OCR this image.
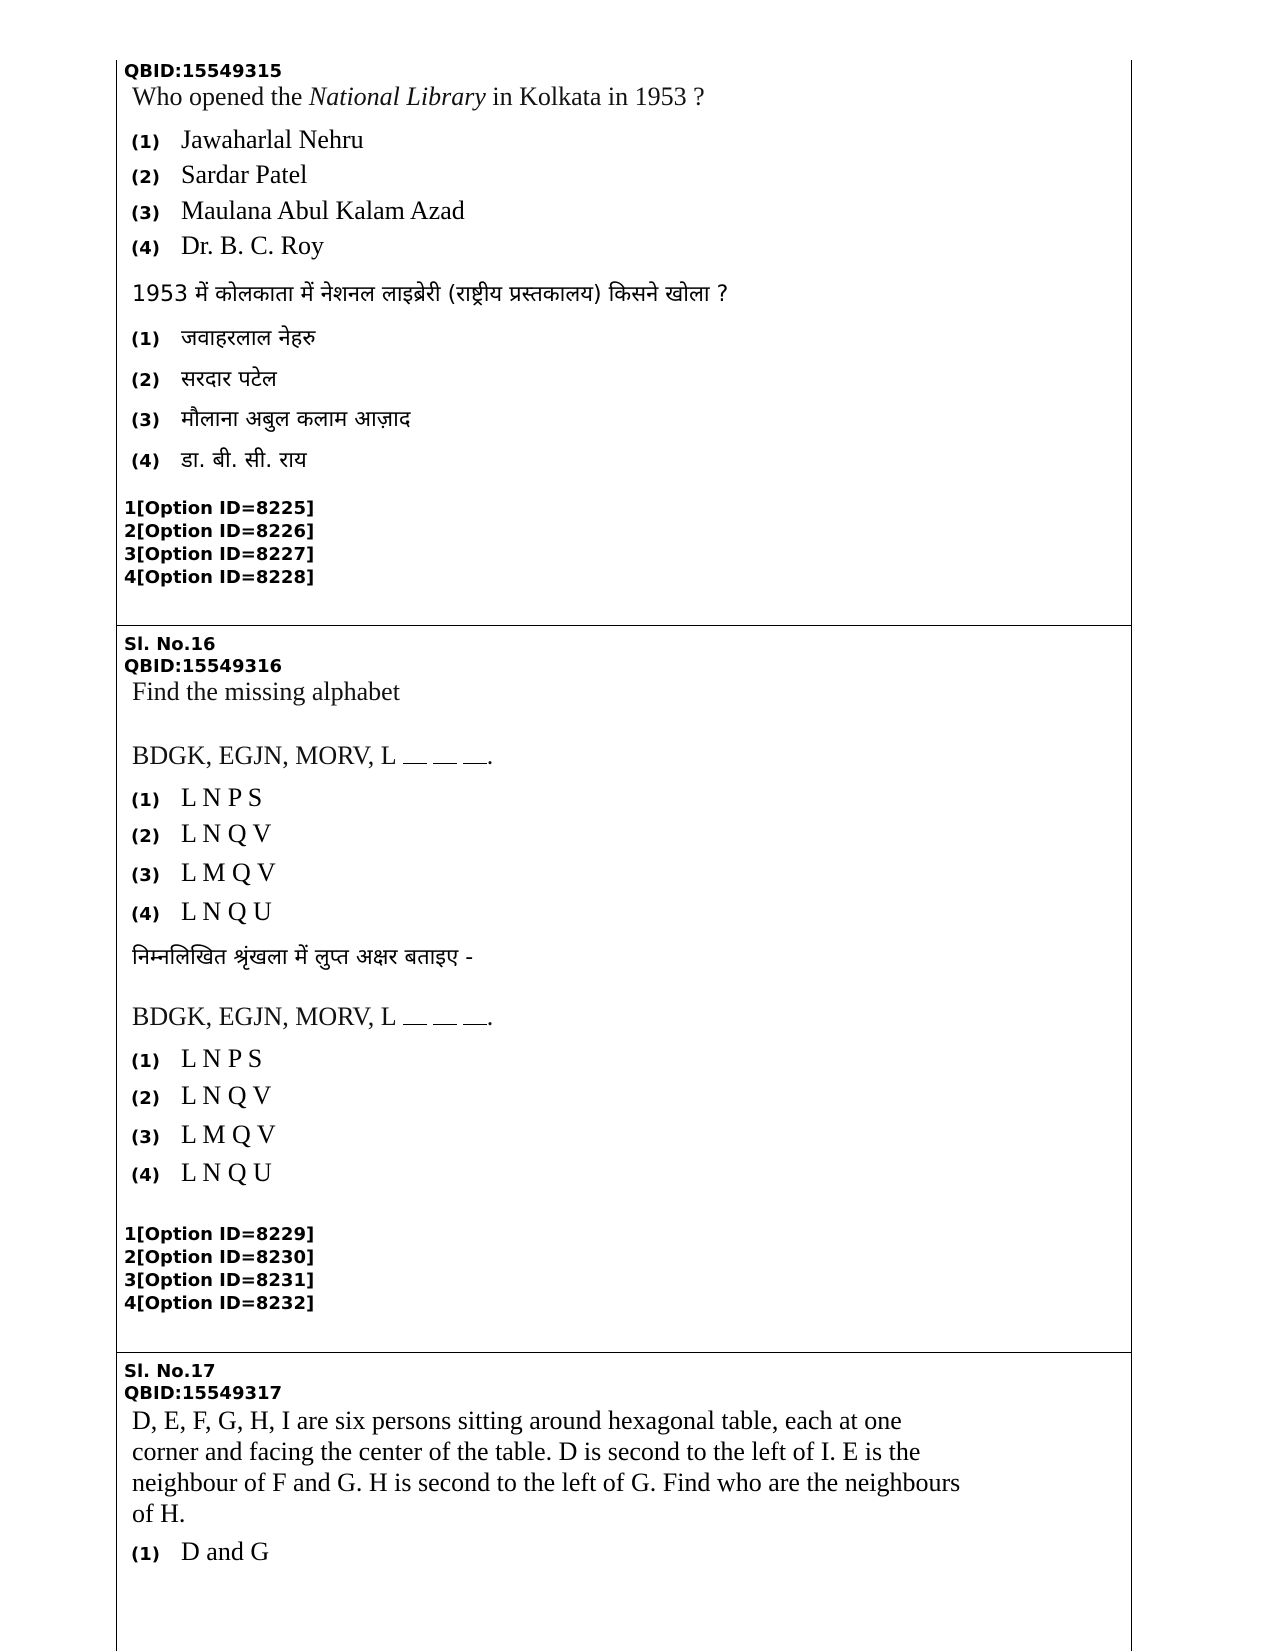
QBID:15549315
Who opened the National Library in Kolkata in 1953 ?
(1) Jawaharlal Nehru
(2) Sardar Patel
(3) Maulana Abul Kalam Azad
(4) Dr. B. C. Roy
1953 में कोलकाता में नेशनल लाइब्रेरी (राष्ट्रीय प्रस्तकालय) किसने खोला ?
(1) जवाहरलाल नेहरु
(2) सरदार पटेल
(3) मौलाना अबुल कलाम आज़ाद
(4) डा. बी. सी. राय
1[Option ID=8225]
2[Option ID=8226]
3[Option ID=8227]
4[Option ID=8228]
Sl. No.16
QBID:15549316
Find the missing alphabet
BDGK, EGJN, MORV, L	.
(1) L N P S
(2) L N Q V
(3) L M Q V
(4) L N Q U
निम्नलिखित श्रृंखला में लुप्त अक्षर बताइए -
BDGK, EGJN, MORV, L	.
(1) L N P S
(2) L N Q V
(3) L M Q V
(4) L N Q U
1[Option ID=8229]
2[Option ID=8230]
3[Option ID=8231]
4[Option ID=8232]
Sl. No.17
QBID:15549317
D, E, F, G, H, I are six persons sitting around hexagonal table, each at one
corner and facing the center of the table. D is second to the left of I. E is the
neighbour of F and G. H is second to the left of G. Find who are the neighbours
of H.
(1) D and G
